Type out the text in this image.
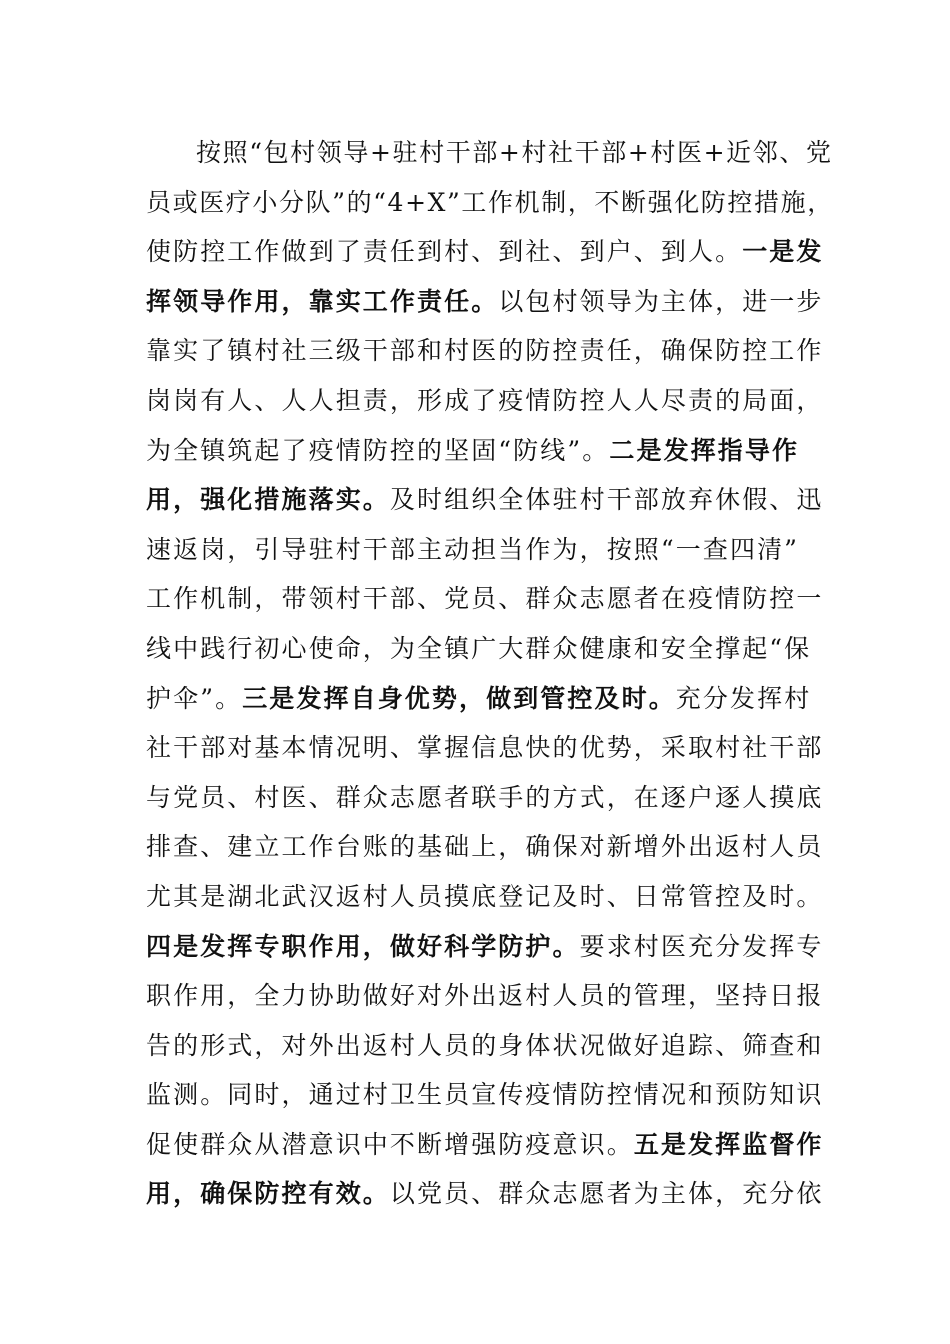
按照“包村领导+驻村干部+村社干部+村医+近邻、党
员或医疗小分队”的“4+X”工作机制，不断强化防控措施，
使防控工作做到了责任到村、到社、到户、到人。一是发
挥领导作用，靠实工作责任。以包村领导为主体，进一步
靠实了镇村社三级干部和村医的防控责任，确保防控工作
岗岗有人、人人担责，形成了疫情防控人人尽责的局面，
为全镇筑起了疫情防控的坚固“防线”。二是发挥指导作
用，强化措施落实。及时组织全体驻村干部放弃休假、迅
速返岗，引导驻村干部主动担当作为，按照“一查四清”
工作机制，带领村干部、党员、群众志愿者在疫情防控一
线中践行初心使命，为全镇广大群众健康和安全撑起“保
护伞”。三是发挥自身优势，做到管控及时。充分发挥村
社干部对基本情况明、掌握信息快的优势，采取村社干部
与党员、村医、群众志愿者联手的方式，在逐户逐人摸底
排查、建立工作台账的基础上，确保对新增外出返村人员
尤其是湖北武汉返村人员摸底登记及时、日常管控及时。
四是发挥专职作用，做好科学防护。要求村医充分发挥专
职作用，全力协助做好对外出返村人员的管理，坚持日报
告的形式，对外出返村人员的身体状况做好追踪、筛查和
监测。同时，通过村卫生员宣传疫情防控情况和预防知识
促使群众从潜意识中不断增强防疫意识。五是发挥监督作
用，确保防控有效。以党员、群众志愿者为主体，充分依
